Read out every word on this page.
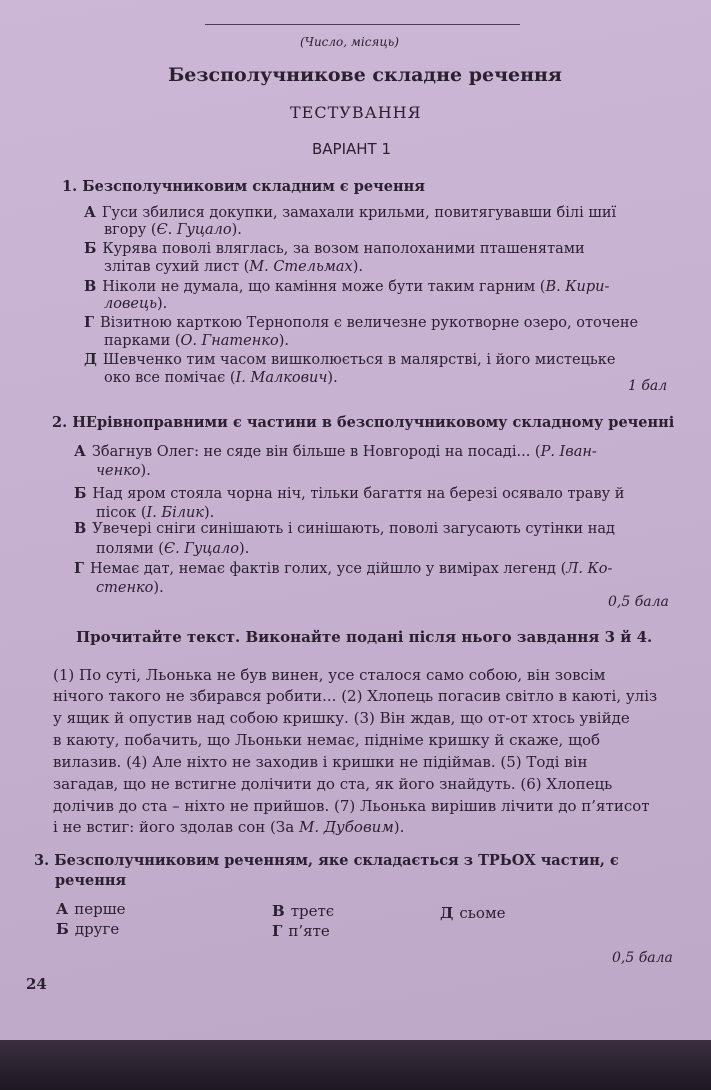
(Число, місяць)
Безсполучникове складне речення
ТЕСТУВАННЯ
ВАРІАНТ 1
1. Безсполучниковим складним є речення
А Гуси збилися докупки, замахали крильми, повитягувавши білі шиї
вгору (Є. Гуцало).
Б Курява поволі вляглась, за возом наполоханими пташенятами
злітав сухий лист (М. Стельмах).
В Ніколи не думала, що каміння може бути таким гарним (В. Кири-
ловець).
Г Візитною карткою Тернополя є величезне рукотворне озеро, оточене
парками (О. Гнатенко).
Д Шевченко тим часом вишколюється в малярстві, і його мистецьке
око все помічає (І. Малкович).	1 бал
2. НЕрівноправними є частини в безсполучниковому складному реченні
А Збагнув Олег: не сяде він більше в Новгороді на посаді... (Р. Іван-
ченко).
Б Над яром стояла чорна ніч, тільки багаття на березі осявало траву й
пісок (І. Білик).
В Увечері сніги синішають і синішають, поволі загусають сутінки над
полями (Є. Гуцало).
Г Немає дат, немає фактів голих, усе дійшло у вимірах легенд (Л. Ко-
стенко).
0,5 бала
Прочитайте текст. Виконайте подані після нього завдання 3 й 4.
(1) По суті, Льонька не був винен, усе сталося само собою, він зовсім
нічого такого не збирався робити... (2) Хлопець погасив світло в каюті, уліз
у ящик й опустив над собою кришку. (3) Він ждав, що от-от хтось увійде
в каюту, побачить, що Льоньки немає, підніме кришку й скаже, щоб
вилазив. (4) Але ніхто не заходив і кришки не підіймав. (5) Тоді він
загадав, що не встигне долічити до ста, як його знайдуть. (6) Хлопець
долічив до ста – ніхто не прийшов. (7) Льонька вирішив лічити до п’ятисот
і не встиг: його здолав сон (За М. Дубовим).
3. Безсполучниковим реченням, яке складається з ТРЬОХ частин, є
речення
А перше
Б друге
В третє
Г п’яте
Д сьоме
0,5 бала
24
